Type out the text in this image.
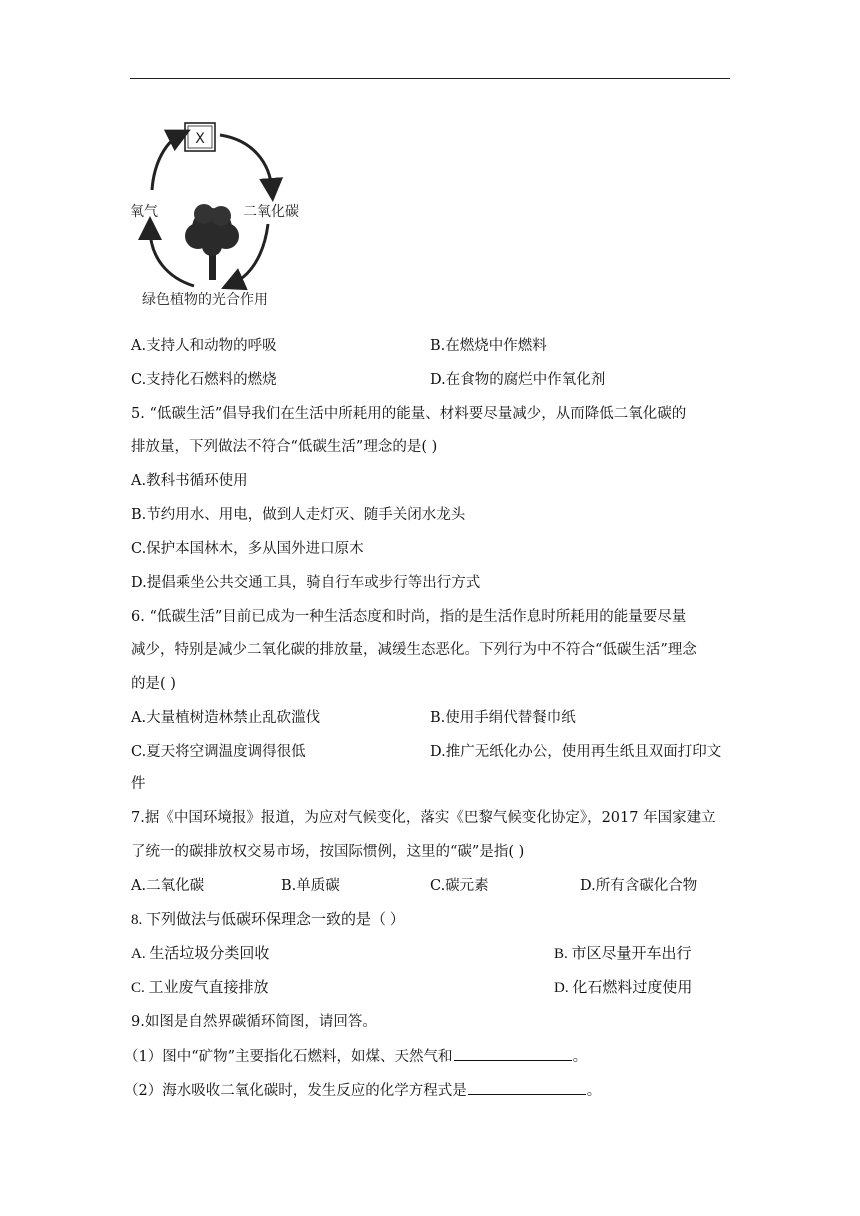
X
氧气	二氧化碳
绿色植物的光合作用
A.支持人和动物的呼吸	B.在燃烧中作燃料
C.支持化石燃料的燃烧	D.在食物的腐烂中作氧化剂
5. “低碳生活”倡导我们在生活中所耗用的能量、材料要尽量减少，从而降低二氧化碳的
排放量，下列做法不符合“低碳生活”理念的是( )
A.教科书循环使用
B.节约用水、用电，做到人走灯灭、随手关闭水龙头
C.保护本国林木，多从国外进口原木
D.提倡乘坐公共交通工具，骑自行车或步行等出行方式
6. “低碳生活”目前已成为一种生活态度和时尚，指的是生活作息时所耗用的能量要尽量
减少，特别是减少二氧化碳的排放量，减缓生态恶化。下列行为中不符合“低碳生活”理念
的是( )
A.大量植树造林禁止乱砍滥伐	B.使用手绢代替餐巾纸
C.夏天将空调温度调得很低	D.推广无纸化办公，使用再生纸且双面打印文
件
7.据《中国环境报》报道，为应对气候变化，落实《巴黎气候变化协定》，2017 年国家建立
了统一的碳排放权交易市场，按国际惯例，这里的“碳”是指( )
A.二氧化碳	B.单质碳	C.碳元素	D.所有含碳化合物
8. 下列做法与低碳环保理念一致的是（ ）
A. 生活垃圾分类回收	B. 市区尽量开车出行
C. 工业废气直接排放	D. 化石燃料过度使用
9.如图是自然界碳循环简图，请回答。
（1）图中“矿物”主要指化石燃料，如煤、天然气和	。
（2）海水吸收二氧化碳时，发生反应的化学方程式是	。
